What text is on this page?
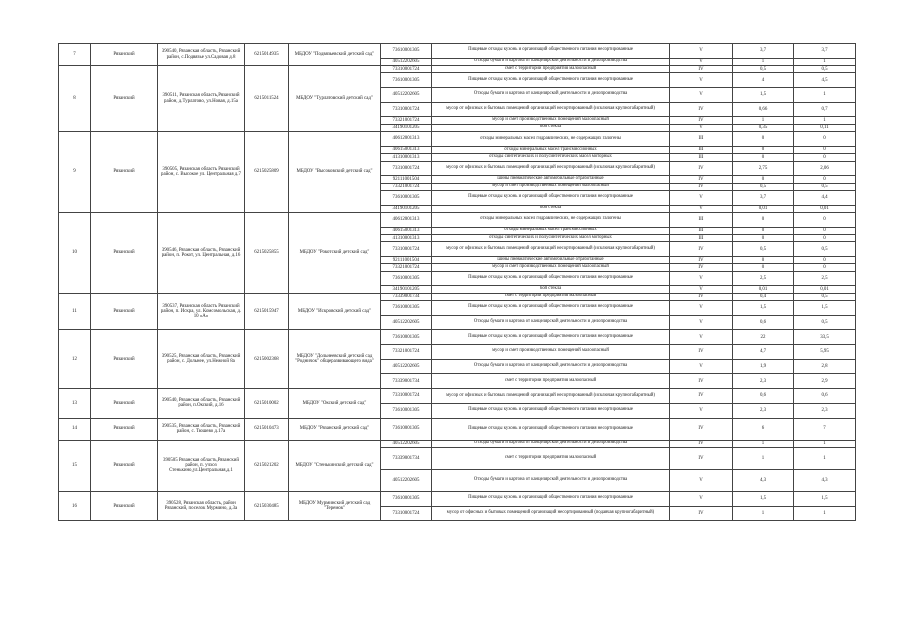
7	Рязанский	390540, Рязанская область, Рязанский район, с.Подвязье ул.Садовая д.8	6215014935	МБДОУ "Подвязьевский детский сад"	73610001305	Пищевые отходы кухонь и организаций общественного питания несортированные	V	3,7	3,7
					40512202605	Отходы бумаги и картона от канцелярской деятельности и делопроизводства	V	1	1
8	Рязанский	390511, Рязанская область,Рязанский район, д.Турлатово, ул.Новая, д.15а	6215011524	МБДОУ "Турлатовский детский сад"	73310001724	смет с территории предприятия малоопасный	IV	0,5	0,5
					73610001305	Пищевые отходы кухонь и организаций общественного питания несортированные	V	4	4,5
					40512202605	Отходы бумаги и картона от канцелярской деятельности и делопроизводства	V	1,5	1
					73310001724	мусор от офисных и бытовых помещений организаций несортированный (исключая крупногабаритный)	IV	0,66	0,7
					73321001724	мусор и смет производственных помещений малоопасный	IV	1	1
					34190101205	бой стекла	V	0,35	0,11
9	Рязанский	390505, Рязанская область Рязанский район, с. Высокое ул. Центральная д.7	6215025809	МБДОУ "Высоковский детский сад"	40612001313	отходы минеральных масел гидравлических, не содержащих галогены	III	0	0
					40615001313	отходы минеральных масел трансмиссионных	III	0	0
					41310001313	отходы синтетических и полусинтетических масел моторных	III	0	0
					73310001724	мусор от офисных и бытовых помещений организаций несортированный (исключая крупногабаритный)	IV	2,75	2,06
					92111001504	шины пневматические автомобильные отработанные	IV	0	0
					73321001724	мусор и смет производственных помещений малоопасный	IV	0,5	0,5
					73610001305	Пищевые отходы кухонь и организаций общественного питания несортированные	V	3,7	4,4
					34190101205	бой стекла	V	0,01	0,01
10	Рязанский	390546, Рязанская область, Рязанский район, п. Рокот, ул. Центральная, д.16	6215025855	МБДОУ "Рокотский детский сад"	40612001313	отходы минеральных масел гидравлических, не содержащих галогены	III	0	0
					40615001313	отходы минеральных масел трансмиссионных	III	0	0
					41310001313	отходы синтетических и полусинтетических масел моторных	III	0	0
					73310001724	мусор от офисных и бытовых помещений организаций несортированный (исключая крупногабаритный)	IV	0,5	0,5
					92111001504	шины пневматические автомобильные отработанные	IV	0	0
					73321001724	мусор и смет производственных помещений малоопасный	IV	0	0
					73610001305	Пищевые отходы кухонь и организаций общественного питания несортированные	V	2,5	2,5
					34190101205	бой стекла	V	0,01	0,01
11	Рязанский	390537, Рязанская область Рязанский район, п. Искра, ул. Комсомольская, д. 10 «А»	6215015947	МБДОУ "Искровский детский сад"	73339001734	смет с территории предприятия малоопасный	IV	0,4	0,5
					73610001305	Пищевые отходы кухонь и организаций общественного питания несортированные	V	1,5	1,5
					40512202605	Отходы бумаги и картона от канцелярской деятельности и делопроизводства	V	0,6	0,5
12	Рязанский	390525, Рязанская область, Рязанский район, с. Дольнее, ул.Нежной 8а	6215002368	МБДОУ "Дольнеевский детский сад "Родничок" общеразвивающего вида"	73610001305	Пищевые отходы кухонь и организаций общественного питания несортированные	V	22	33,5
					73321001724	мусор и смет производственных помещений малоопасный	IV	4,7	5,95
					40512202605	Отходы бумаги и картона от канцелярской деятельности и делопроизводства	V	1,9	2,8
					73339001734	смет с территории предприятия малоопасный	IV	2,3	2,9
13	Рязанский	390540, Рязанская область, Рязанский район, п.Окский, д.16	6215010002	МБДОУ "Окский детский сад"	73310001724	мусор от офисных и бытовых помещений организаций несортированный (исключая крупногабаритный)	IV	0,6	0,6
					73610001305	Пищевые отходы кухонь и организаций общественного питания несортированные	V	2,3	2,3
14	Рязанский	390535, Рязанская область, Рязанский район, с. Тюшево д.17а	6215010473	МБДОУ "Рязанский детский сад"	73610001305	Пищевые отходы кухонь и организаций общественного питания несортированные	IV	6	7
15	Рязанский	390505 Рязанская область,Рязанский район, п. учхоз Стенькино,ул.Центральная,д.1	6215021202	МБДОУ "Стенькинский детский сад"	40512202605	Отходы бумаги и картона от канцелярской деятельности и делопроизводства	IV	1	1
					73339001734	смет с территории предприятия малоопасный	IV	1	1
					40512202605	Отходы бумаги и картона от канцелярской деятельности и делопроизводства	V	4,3	4,3
16	Рязанский	390528, Рязанская область, район Рязанский, поселок Мурмино, д.3а	6215030485	МБДОУ Мурминский детский сад "Теремок"	73610001305	Пищевые отходы кухонь и организаций общественного питания несортированные	V	1,5	1,5
					73310001724	мусор от офисных и бытовых помещений организаций несортированный (подавчая крупногабаритный)	IV	1	1
